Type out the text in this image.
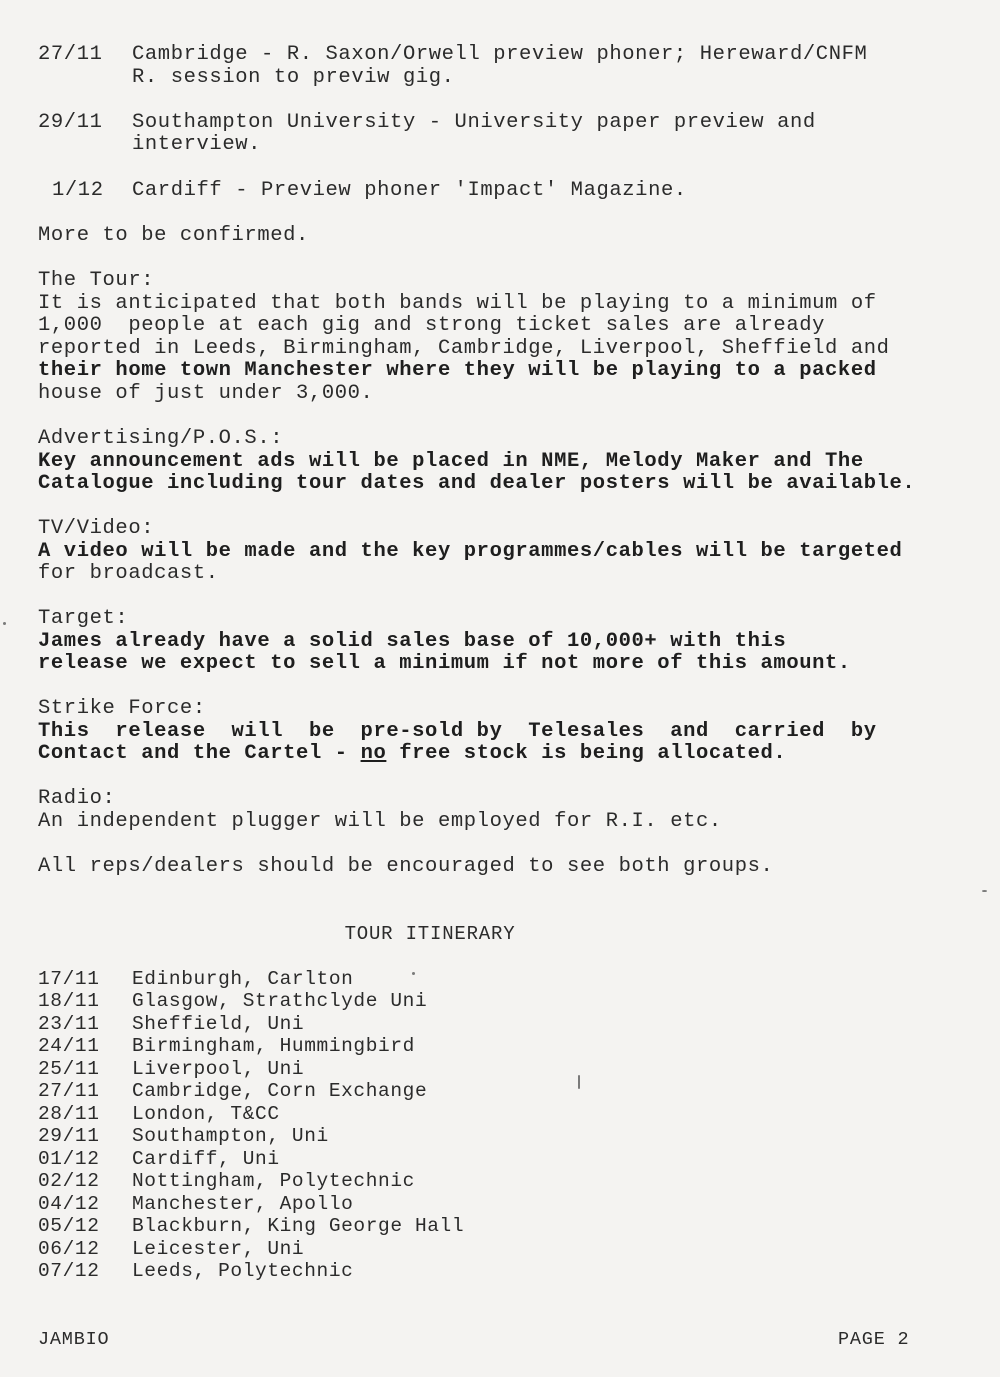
27/11 Cambridge - R. Saxon/Orwell preview phoner; Hereward/CNFM
R. session to previw gig.
29/11 Southampton University - University paper preview and
interview.
1/12	Cardiff - Preview phoner 'Impact' Magazine.
More to be confirmed.
The Tour:
It is anticipated that both bands will be playing to a minimum of
1,000  people at each gig and strong ticket sales are already
reported in Leeds, Birmingham, Cambridge, Liverpool, Sheffield and
their home town Manchester where they will be playing to a packed
house of just under 3,000.
Advertising/P.O.S.:
Key announcement ads will be placed in NME, Melody Maker and The
Catalogue including tour dates and dealer posters will be available.
TV/Video:
A video will be made and the key programmes/cables will be targeted
for broadcast.
Target:
James already have a solid sales base of 10,000+ with this
release we expect to sell a minimum if not more of this amount.
Strike Force:
This  release  will  be  pre-sold by  Telesales  and  carried  by
Contact and the Cartel - no free stock is being allocated.
Radio:
An independent plugger will be employed for R.I. etc.
All reps/dealers should be encouraged to see both groups.
TOUR ITINERARY
17/11 Edinburgh, Carlton
18/11 Glasgow, Strathclyde Uni
23/11 Sheffield, Uni
24/11 Birmingham, Hummingbird
25/11 Liverpool, Uni
27/11 Cambridge, Corn Exchange
28/11 London, T&CC
29/11 Southampton, Uni
01/12 Cardiff, Uni
02/12 Nottingham, Polytechnic
04/12 Manchester, Apollo
05/12 Blackburn, King George Hall
06/12 Leicester, Uni
07/12 Leeds, Polytechnic
JAMBIO	PAGE 2
